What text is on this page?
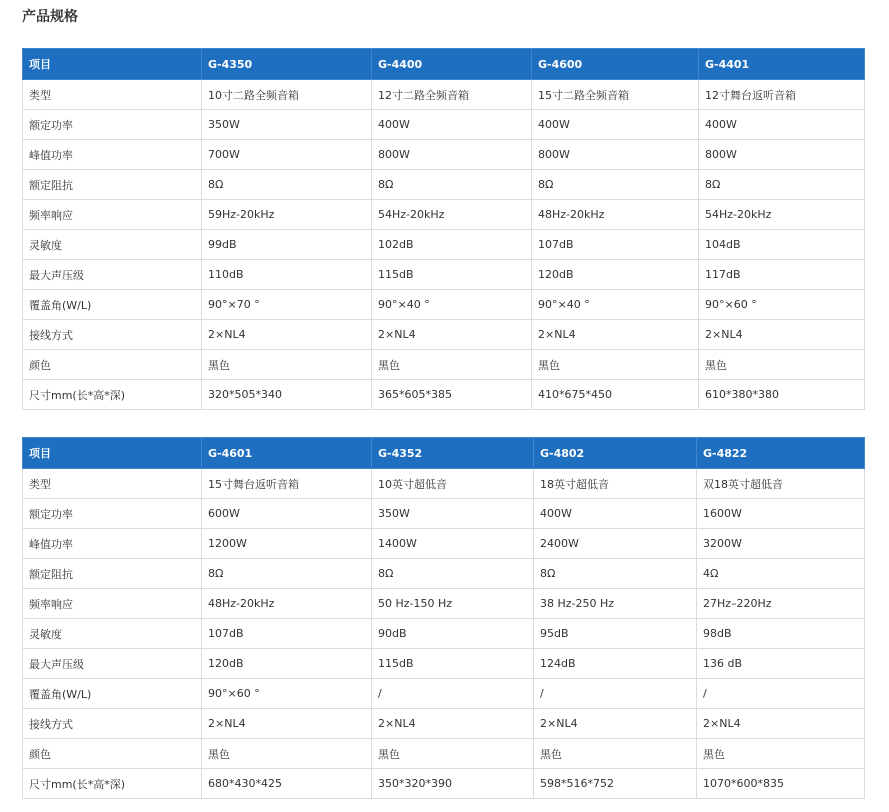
产品规格
项目	G-4350	G-4400	G-4600	G-4401
类型	10寸二路全频音箱	12寸二路全频音箱	15寸二路全频音箱	12寸舞台返听音箱
额定功率	350W	400W	400W	400W
峰值功率	700W	800W	800W	800W
额定阻抗	8Ω	8Ω	8Ω	8Ω
频率响应	59Hz-20kHz	54Hz-20kHz	48Hz-20kHz	54Hz-20kHz
灵敏度	99dB	102dB	107dB	104dB
最大声压级	110dB	115dB	120dB	117dB
覆盖角(W/L)	90°×70 °	90°×40 °	90°×40 °	90°×60 °
接线方式	2×NL4	2×NL4	2×NL4	2×NL4
颜色	黑色	黑色	黑色	黑色
尺寸mm(长*高*深)	320*505*340	365*605*385	410*675*450	610*380*380
项目	G-4601	G-4352	G-4802	G-4822
类型	15寸舞台返听音箱	10英寸超低音	18英寸超低音	双18英寸超低音
额定功率	600W	350W	400W	1600W
峰值功率	1200W	1400W	2400W	3200W
额定阻抗	8Ω	8Ω	8Ω	4Ω
频率响应	48Hz-20kHz	50 Hz-150 Hz	38 Hz-250 Hz	27Hz–220Hz
灵敏度	107dB	90dB	95dB	98dB
最大声压级	120dB	115dB	124dB	136 dB
覆盖角(W/L)	90°×60 °	/	/	/
接线方式	2×NL4	2×NL4	2×NL4	2×NL4
颜色	黑色	黑色	黑色	黑色
尺寸mm(长*高*深)	680*430*425	350*320*390	598*516*752	1070*600*835
